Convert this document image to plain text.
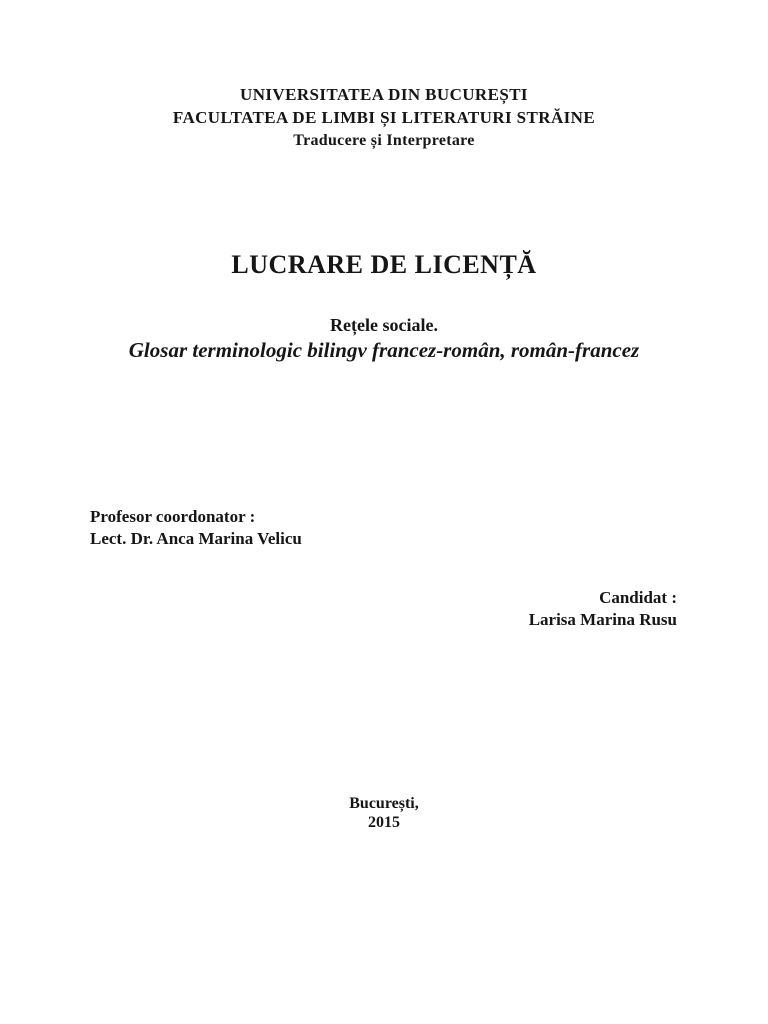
UNIVERSITATEA DIN BUCUREȘTI
FACULTATEA DE LIMBI ȘI LITERATURI STRĂINE
Traducere și Interpretare
LUCRARE DE LICENȚĂ
Rețele sociale.
Glosar terminologic bilingv francez-român, român-francez
Profesor coordonator :
Lect. Dr. Anca Marina Velicu
Candidat :
Larisa Marina Rusu
București,
2015
